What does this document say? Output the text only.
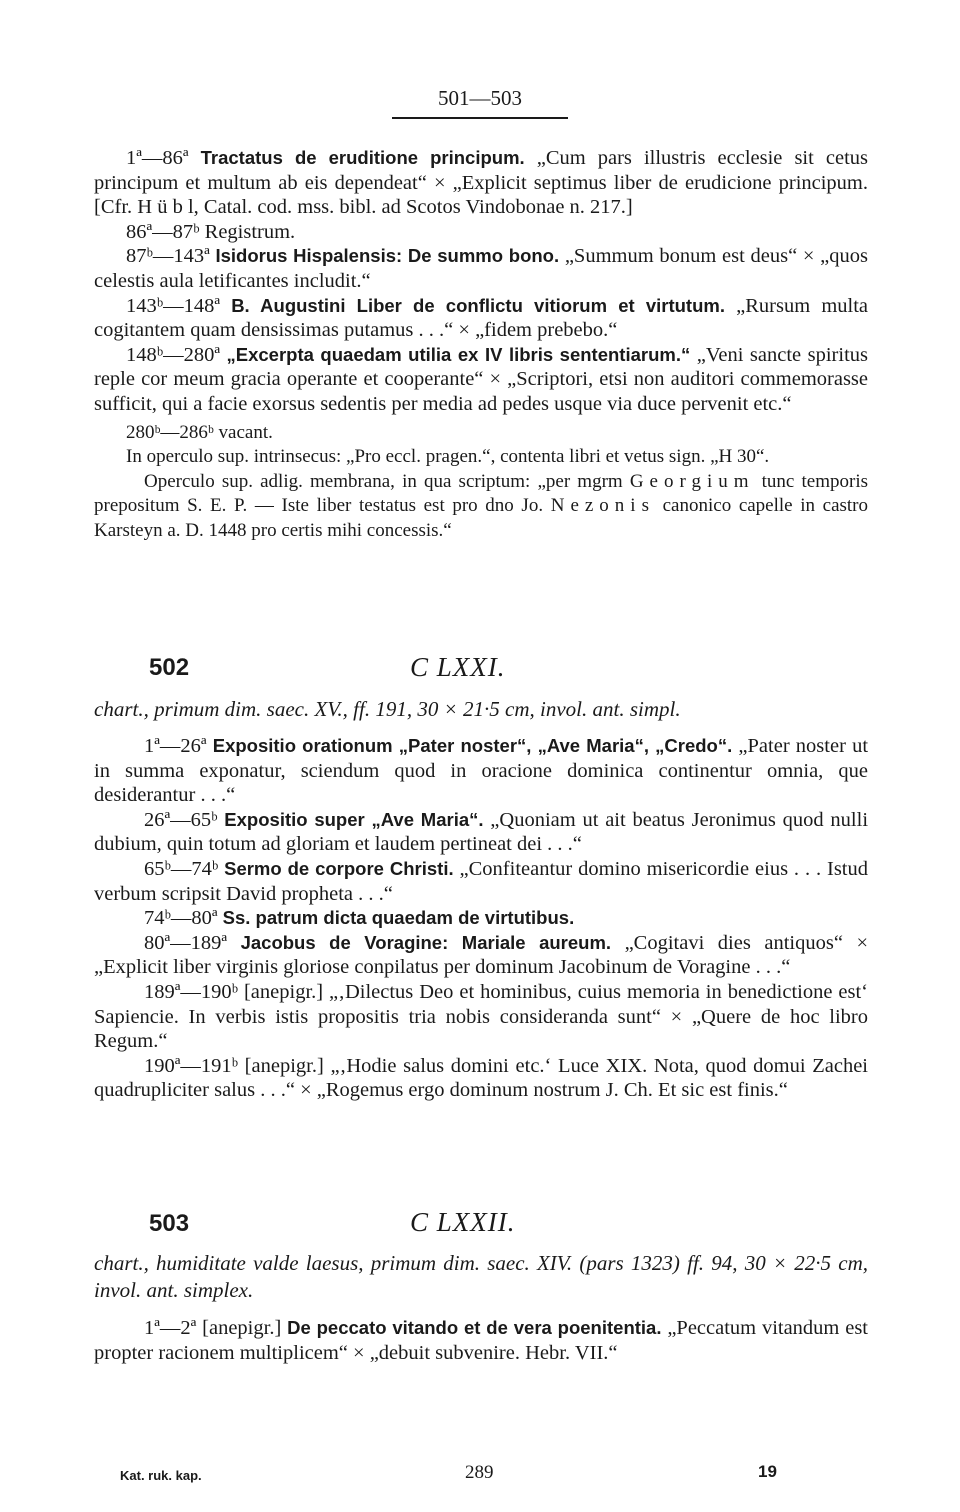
501—503

1ª—86ª Tractatus de eruditione principum. „Cum pars illustris ecclesie sit cetus principum et multum ab eis dependeat“ × „Explicit septimus liber de erudicione principum. [Cfr. H ü b l, Catal. cod. mss. bibl. ad Scotos Vindobonae n. 217.]

86ª—87ᵇ Registrum.

87ᵇ—143ª Isidorus Hispalensis: De summo bono. „Summum bonum est deus“ × „quos celestis aula letificantes includit.“

143ᵇ—148ª B. Augustini Liber de conflictu vitiorum et virtutum. „Rursum multa cogitantem quam densissimas putamus . . .“ × „fidem prebebo.“

148ᵇ—280ª „Excerpta quaedam utilia ex IV libris sententiarum.“ „Veni sancte spiritus reple cor meum gracia operante et cooperante“ × „Scriptori, etsi non auditori commemorasse sufficit, qui a facie exorsus sedentis per media ad pedes usque via duce pervenit etc.“

280ᵇ—286ᵇ vacant.

In operculo sup. intrinsecus: „Pro eccl. pragen.“, contenta libri et vetus sign. „H 30“.

Operculo sup. adlig. membrana, in qua scriptum: „per mgrm Georgium tunc temporis prepositum S. E. P. — Iste liber testatus est pro dno Jo. Nezonis canonico capelle in castro Karsteyn a. D. 1448 pro certis mihi concessis.“

502	C LXXI.
chart., primum dim. saec. XV., ff. 191, 30 × 21·5 cm, invol. ant. simpl.

1ª—26ª Expositio orationum „Pater noster“, „Ave Maria“, „Credo“. „Pater noster ut in summa exponatur, sciendum quod in oracione dominica continentur omnia, que desiderantur . . .“

26ª—65ᵇ Expositio super „Ave Maria“. „Quoniam ut ait beatus Jeronimus quod nulli dubium, quin totum ad gloriam et laudem pertineat dei . . .“

65ᵇ—74ᵇ Sermo de corpore Christi. „Confiteantur domino misericordie eius . . . Istud verbum scripsit David propheta . . .“

74ᵇ—80ª Ss. patrum dicta quaedam de virtutibus.

80ª—189ª Jacobus de Voragine: Mariale aureum. „Cogitavi dies antiquos“ × „Explicit liber virginis gloriose conpilatus per dominum Jacobinum de Voragine . . .“

189ª—190ᵇ [anepigr.] „‚Dilectus Deo et hominibus, cuius memoria in benedictione est‘ Sapiencie. In verbis istis propositis tria nobis consideranda sunt“ × „Quere de hoc libro Regum.“

190ª—191ᵇ [anepigr.] „‚Hodie salus domini etc.‘ Luce XIX. Nota, quod domui Zachei quadrupliciter salus . . .“ × „Rogemus ergo dominum nostrum J. Ch. Et sic est finis.“

503	C LXXII.
chart., humiditate valde laesus, primum dim. saec. XIV. (pars 1323) ff. 94, 30 × 22·5 cm, invol. ant. simplex.

1ª—2ª [anepigr.] De peccato vitando et de vera poenitentia. „Peccatum vitandum est propter racionem multiplicem“ × „debuit subvenire. Hebr. VII.“

Kat. ruk. kap.	289	19
